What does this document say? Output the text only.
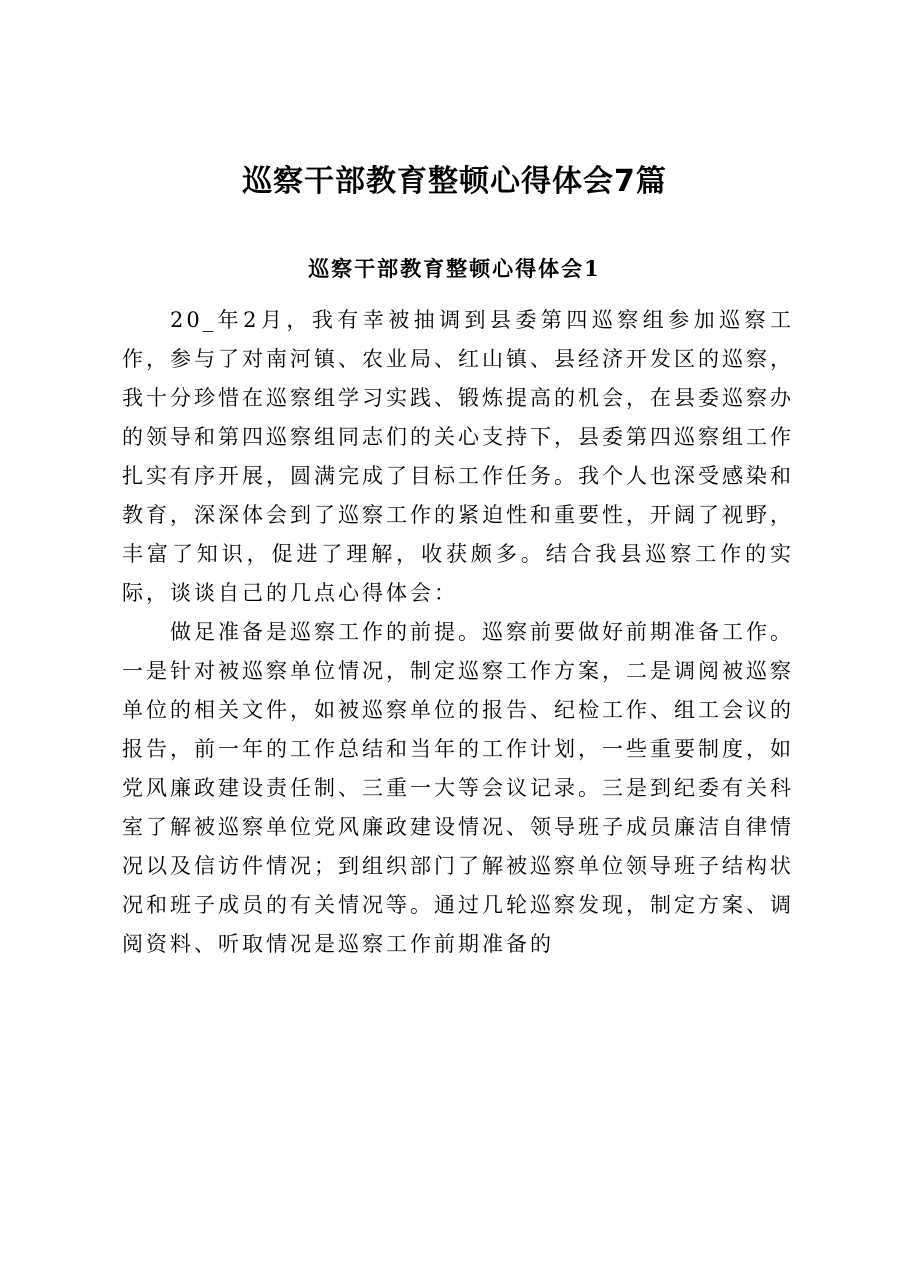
巡察干部教育整顿心得体会7篇
巡察干部教育整顿心得体会1

20_年2月，我有幸被抽调到县委第四巡察组参加巡察工作，参与了对南河镇、农业局、红山镇、县经济开发区的巡察，我十分珍惜在巡察组学习实践、锻炼提高的机会，在县委巡察办的领导和第四巡察组同志们的关心支持下，县委第四巡察组工作扎实有序开展，圆满完成了目标工作任务。我个人也深受感染和教育，深深体会到了巡察工作的紧迫性和重要性，开阔了视野，丰富了知识，促进了理解，收获颇多。结合我县巡察工作的实际，谈谈自己的几点心得体会：

做足准备是巡察工作的前提。巡察前要做好前期准备工作。一是针对被巡察单位情况，制定巡察工作方案，二是调阅被巡察单位的相关文件，如被巡察单位的报告、纪检工作、组工会议的报告，前一年的工作总结和当年的工作计划，一些重要制度，如党风廉政建设责任制、三重一大等会议记录。三是到纪委有关科室了解被巡察单位党风廉政建设情况、领导班子成员廉洁自律情况以及信访件情况；到组织部门了解被巡察单位领导班子结构状况和班子成员的有关情况等。通过几轮巡察发现，制定方案、调阅资料、听取情况是巡察工作前期准备的
